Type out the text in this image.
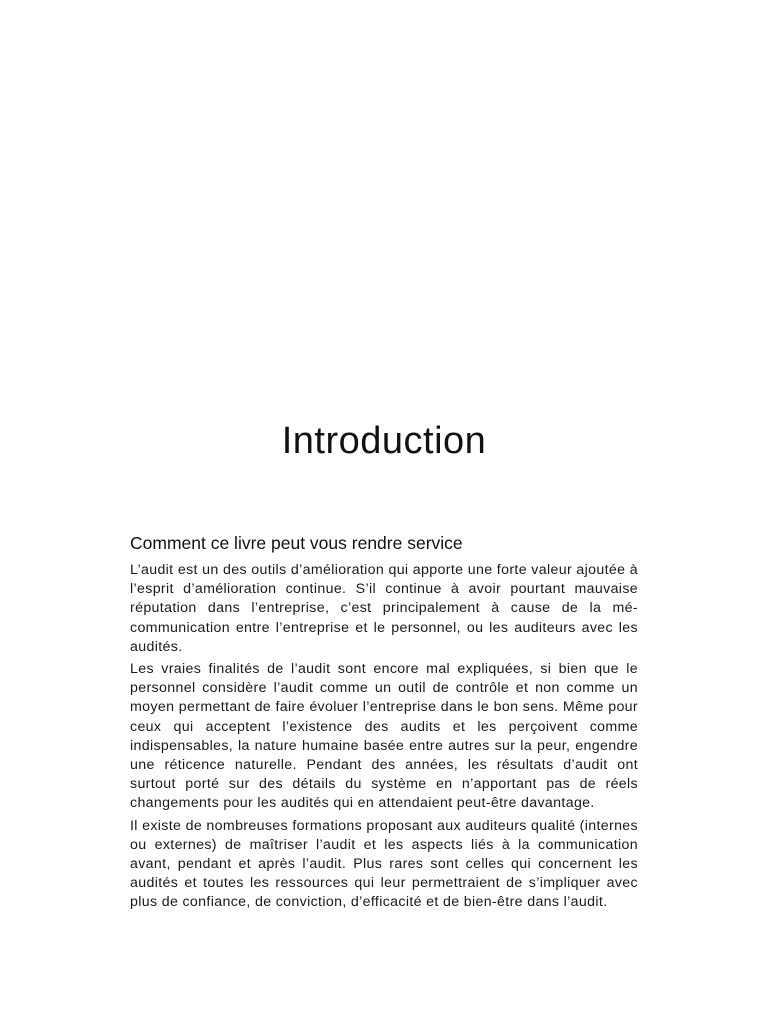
Introduction
Comment ce livre peut vous rendre service

L’audit est un des outils d’amélioration qui apporte une forte valeur ajoutée à l’esprit d’amélioration continue. S’il continue à avoir pourtant mauvaise réputation dans l’entreprise, c’est principalement à cause de la mé-communication entre l’entreprise et le personnel, ou les auditeurs avec les audités.

Les vraies finalités de l’audit sont encore mal expliquées, si bien que le personnel considère l’audit comme un outil de contrôle et non comme un moyen permettant de faire évoluer l’entreprise dans le bon sens. Même pour ceux qui acceptent l’existence des audits et les perçoivent comme indispensables, la nature humaine basée entre autres sur la peur, engendre une réticence naturelle. Pendant des années, les résultats d’audit ont surtout porté sur des détails du système en n’apportant pas de réels changements pour les audités qui en attendaient peut-être davantage.

Il existe de nombreuses formations proposant aux auditeurs qualité (internes ou externes) de maîtriser l’audit et les aspects liés à la communication avant, pendant et après l’audit. Plus rares sont celles qui concernent les audités et toutes les ressources qui leur permettraient de s’impliquer avec plus de confiance, de conviction, d’efficacité et de bien-être dans l’audit.
